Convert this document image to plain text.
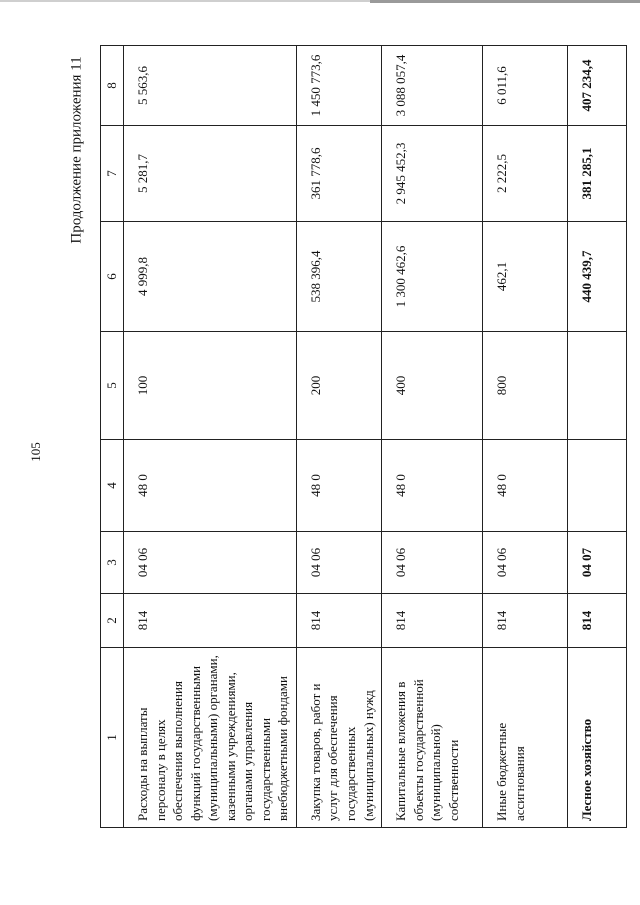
105
Продолжение приложения 11
1	2	3	4	5	6	7	8
Расходы на выплаты персоналу в целях обеспечения выполнения функций государственными (муниципальными) органами, казенными учреждениями, органами управления государственными внебюджетными фондами	814	04 06	48 0	100	4 999,8	5 281,7	5 563,6
Закупка товаров, работ и услуг для обеспечения государственных (муниципальных) нужд	814	04 06	48 0	200	538 396,4	361 778,6	1 450 773,6
Капитальные вложения в объекты государственной (муниципальной) собственности	814	04 06	48 0	400	1 300 462,6	2 945 452,3	3 088 057,4
Иные бюджетные ассигнования	814	04 06	48 0	800	462,1	2 222,5	6 011,6
Лесное хозяйство	814	04 07			440 439,7	381 285,1	407 234,4
